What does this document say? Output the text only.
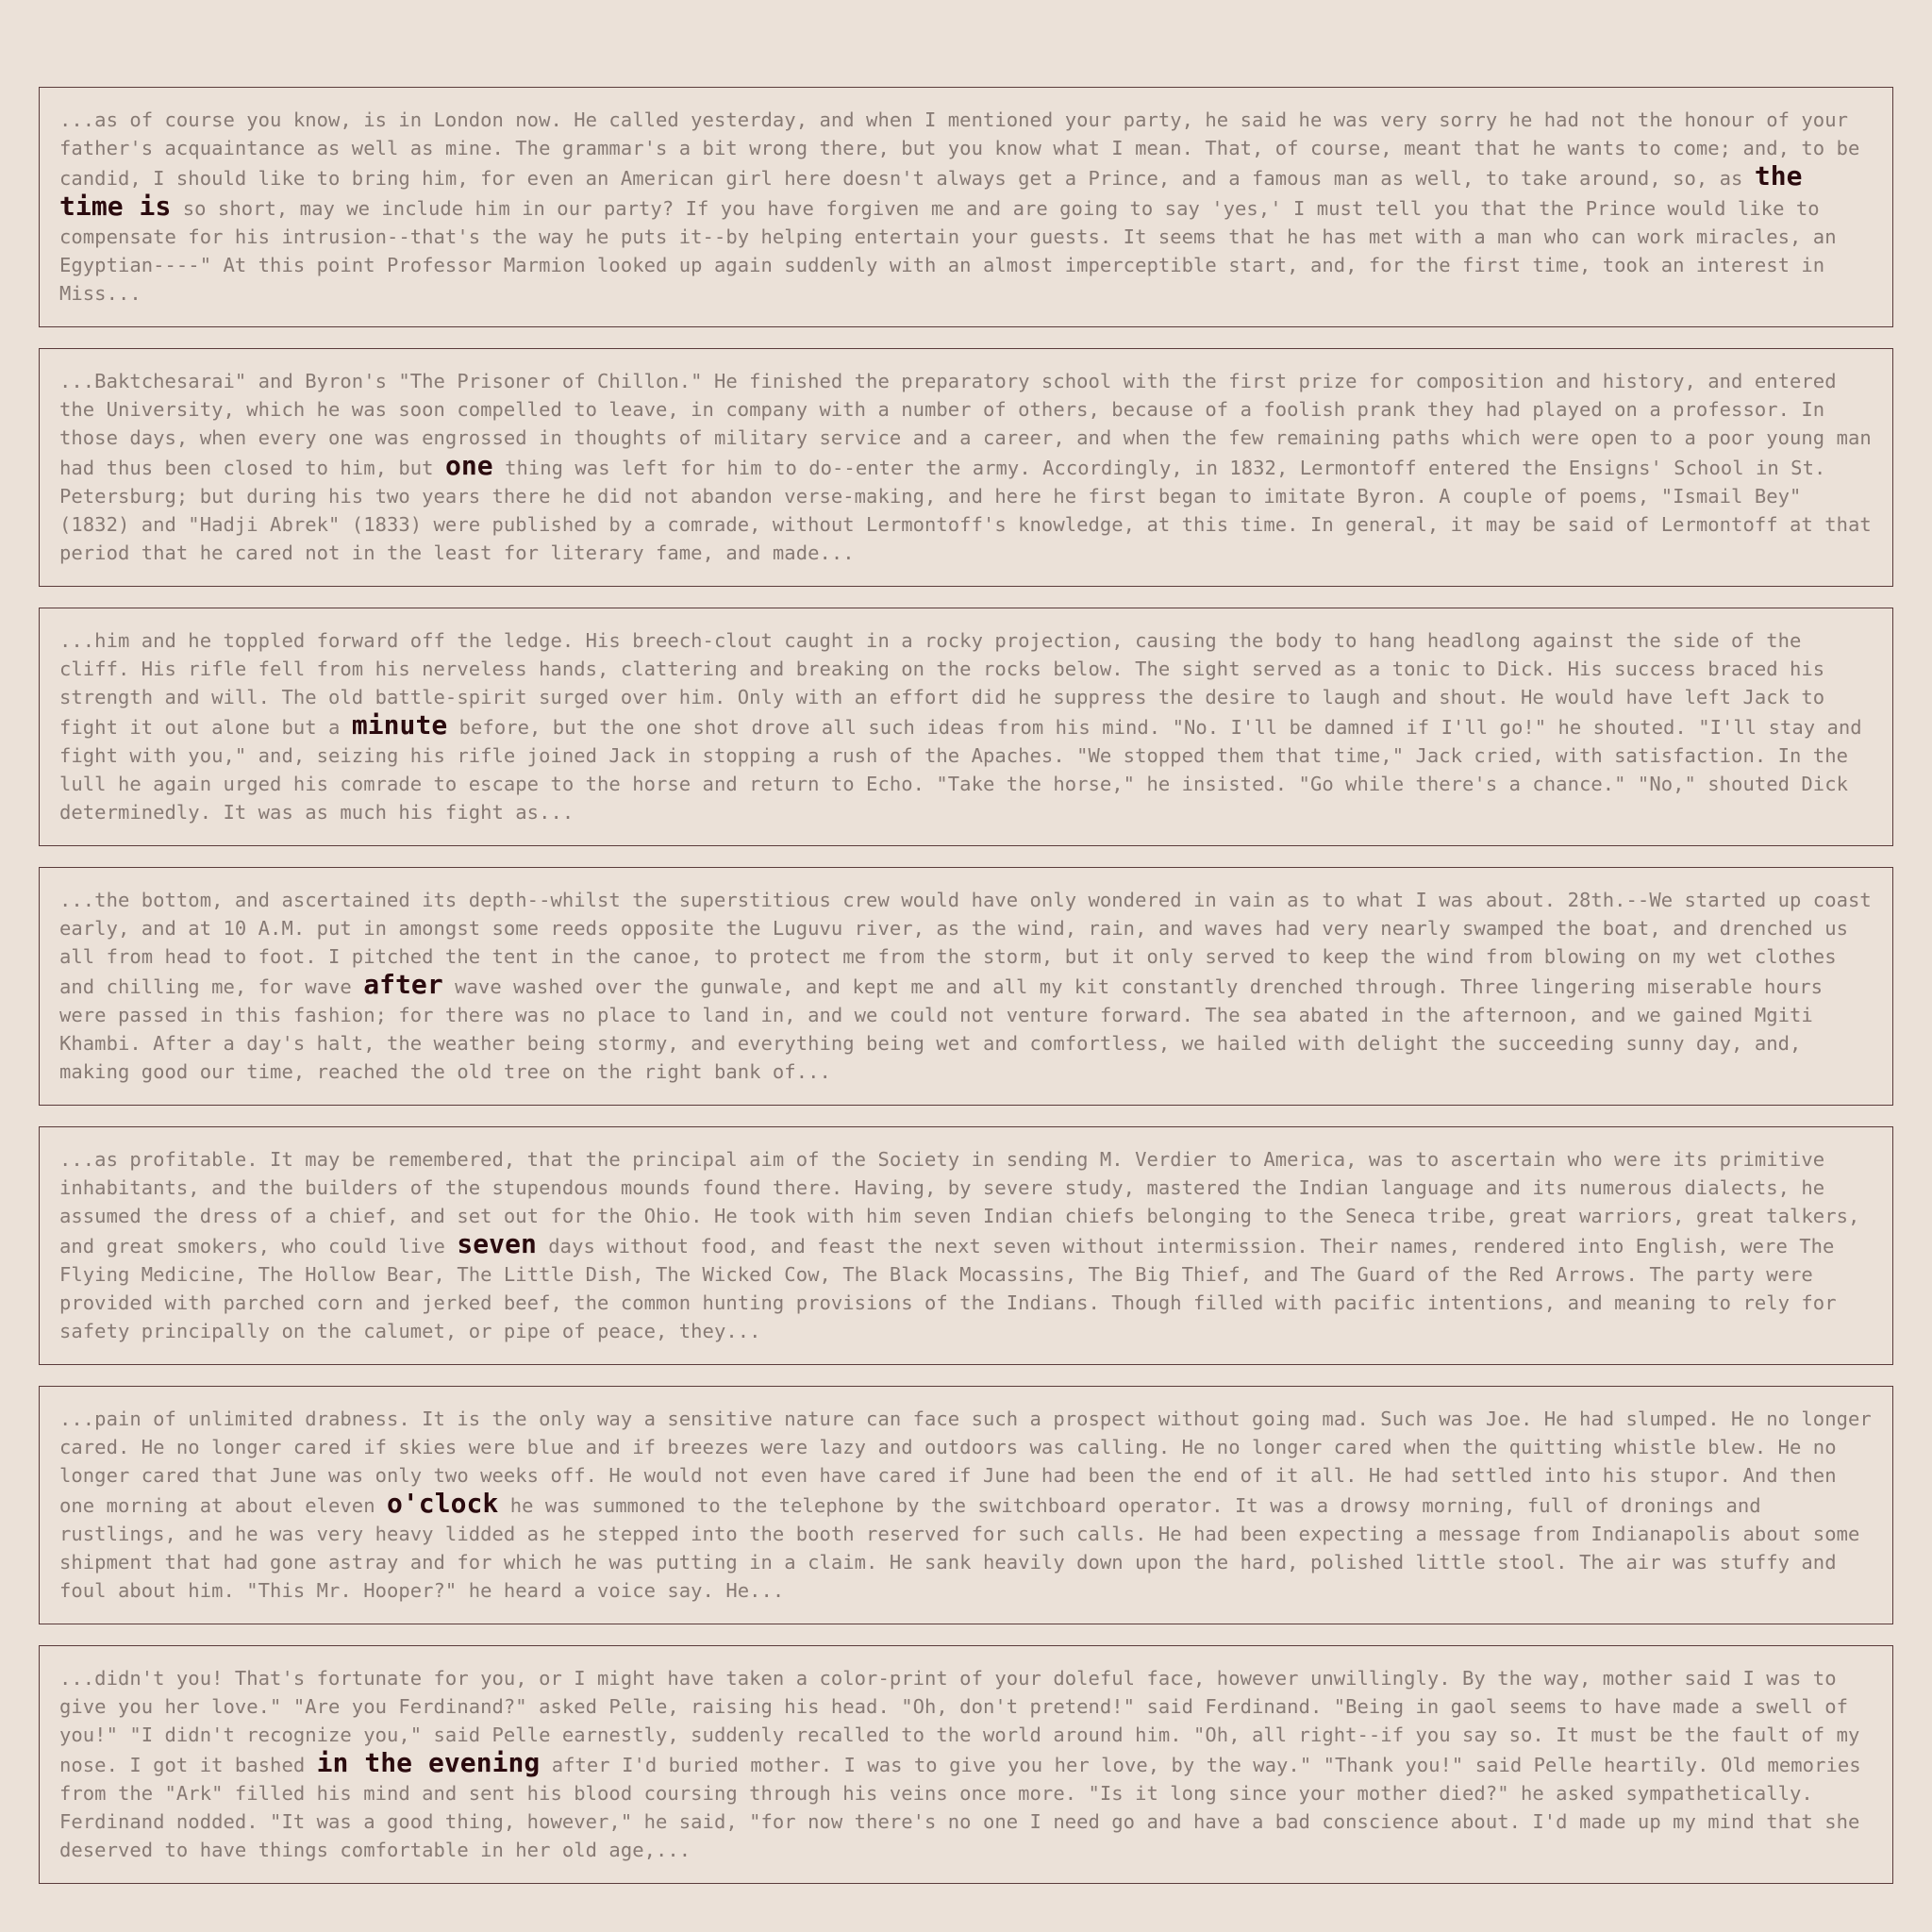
...as of course you know, is in London now. He called yesterday, and when I mentioned your party, he said he was very sorry he had not the honour of your father's acquaintance as well as mine. The grammar's a bit wrong there, but you know what I mean. That, of course, meant that he wants to come; and, to be candid, I should like to bring him, for even an American girl here doesn't always get a Prince, and a famous man as well, to take around, so, as the time is so short, may we include him in our party? If you have forgiven me and are going to say 'yes,' I must tell you that the Prince would like to compensate for his intrusion--that's the way he puts it--by helping entertain your guests. It seems that he has met with a man who can work miracles, an Egyptian----" At this point Professor Marmion looked up again suddenly with an almost imperceptible start, and, for the first time, took an interest in Miss...

...Baktchesarai" and Byron's "The Prisoner of Chillon." He finished the preparatory school with the first prize for composition and history, and entered the University, which he was soon compelled to leave, in company with a number of others, because of a foolish prank they had played on a professor. In those days, when every one was engrossed in thoughts of military service and a career, and when the few remaining paths which were open to a poor young man had thus been closed to him, but one thing was left for him to do--enter the army. Accordingly, in 1832, Lermontoff entered the Ensigns' School in St. Petersburg; but during his two years there he did not abandon verse-making, and here he first began to imitate Byron. A couple of poems, "Ismail Bey" (1832) and "Hadji Abrek" (1833) were published by a comrade, without Lermontoff's knowledge, at this time. In general, it may be said of Lermontoff at that period that he cared not in the least for literary fame, and made...

...him and he toppled forward off the ledge. His breech-clout caught in a rocky projection, causing the body to hang headlong against the side of the cliff. His rifle fell from his nerveless hands, clattering and breaking on the rocks below. The sight served as a tonic to Dick. His success braced his strength and will. The old battle-spirit surged over him. Only with an effort did he suppress the desire to laugh and shout. He would have left Jack to fight it out alone but a minute before, but the one shot drove all such ideas from his mind. "No. I'll be damned if I'll go!" he shouted. "I'll stay and fight with you," and, seizing his rifle joined Jack in stopping a rush of the Apaches. "We stopped them that time," Jack cried, with satisfaction. In the lull he again urged his comrade to escape to the horse and return to Echo. "Take the horse," he insisted. "Go while there's a chance." "No," shouted Dick determinedly. It was as much his fight as...

...the bottom, and ascertained its depth--whilst the superstitious crew would have only wondered in vain as to what I was about. 28th.--We started up coast early, and at 10 A.M. put in amongst some reeds opposite the Luguvu river, as the wind, rain, and waves had very nearly swamped the boat, and drenched us all from head to foot. I pitched the tent in the canoe, to protect me from the storm, but it only served to keep the wind from blowing on my wet clothes and chilling me, for wave after wave washed over the gunwale, and kept me and all my kit constantly drenched through. Three lingering miserable hours were passed in this fashion; for there was no place to land in, and we could not venture forward. The sea abated in the afternoon, and we gained Mgiti Khambi. After a day's halt, the weather being stormy, and everything being wet and comfortless, we hailed with delight the succeeding sunny day, and, making good our time, reached the old tree on the right bank of...

...as profitable. It may be remembered, that the principal aim of the Society in sending M. Verdier to America, was to ascertain who were its primitive inhabitants, and the builders of the stupendous mounds found there. Having, by severe study, mastered the Indian language and its numerous dialects, he assumed the dress of a chief, and set out for the Ohio. He took with him seven Indian chiefs belonging to the Seneca tribe, great warriors, great talkers, and great smokers, who could live seven days without food, and feast the next seven without intermission. Their names, rendered into English, were The Flying Medicine, The Hollow Bear, The Little Dish, The Wicked Cow, The Black Mocassins, The Big Thief, and The Guard of the Red Arrows. The party were provided with parched corn and jerked beef, the common hunting provisions of the Indians. Though filled with pacific intentions, and meaning to rely for safety principally on the calumet, or pipe of peace, they...

...pain of unlimited drabness. It is the only way a sensitive nature can face such a prospect without going mad. Such was Joe. He had slumped. He no longer cared. He no longer cared if skies were blue and if breezes were lazy and outdoors was calling. He no longer cared when the quitting whistle blew. He no longer cared that June was only two weeks off. He would not even have cared if June had been the end of it all. He had settled into his stupor. And then one morning at about eleven o'clock he was summoned to the telephone by the switchboard operator. It was a drowsy morning, full of dronings and rustlings, and he was very heavy lidded as he stepped into the booth reserved for such calls. He had been expecting a message from Indianapolis about some shipment that had gone astray and for which he was putting in a claim. He sank heavily down upon the hard, polished little stool. The air was stuffy and foul about him. "This Mr. Hooper?" he heard a voice say. He...

...didn't you! That's fortunate for you, or I might have taken a color-print of your doleful face, however unwillingly. By the way, mother said I was to give you her love." "Are you Ferdinand?" asked Pelle, raising his head. "Oh, don't pretend!" said Ferdinand. "Being in gaol seems to have made a swell of you!" "I didn't recognize you," said Pelle earnestly, suddenly recalled to the world around him. "Oh, all right--if you say so. It must be the fault of my nose. I got it bashed in the evening after I'd buried mother. I was to give you her love, by the way." "Thank you!" said Pelle heartily. Old memories from the "Ark" filled his mind and sent his blood coursing through his veins once more. "Is it long since your mother died?" he asked sympathetically. Ferdinand nodded. "It was a good thing, however," he said, "for now there's no one I need go and have a bad conscience about. I'd made up my mind that she deserved to have things comfortable in her old age,...
